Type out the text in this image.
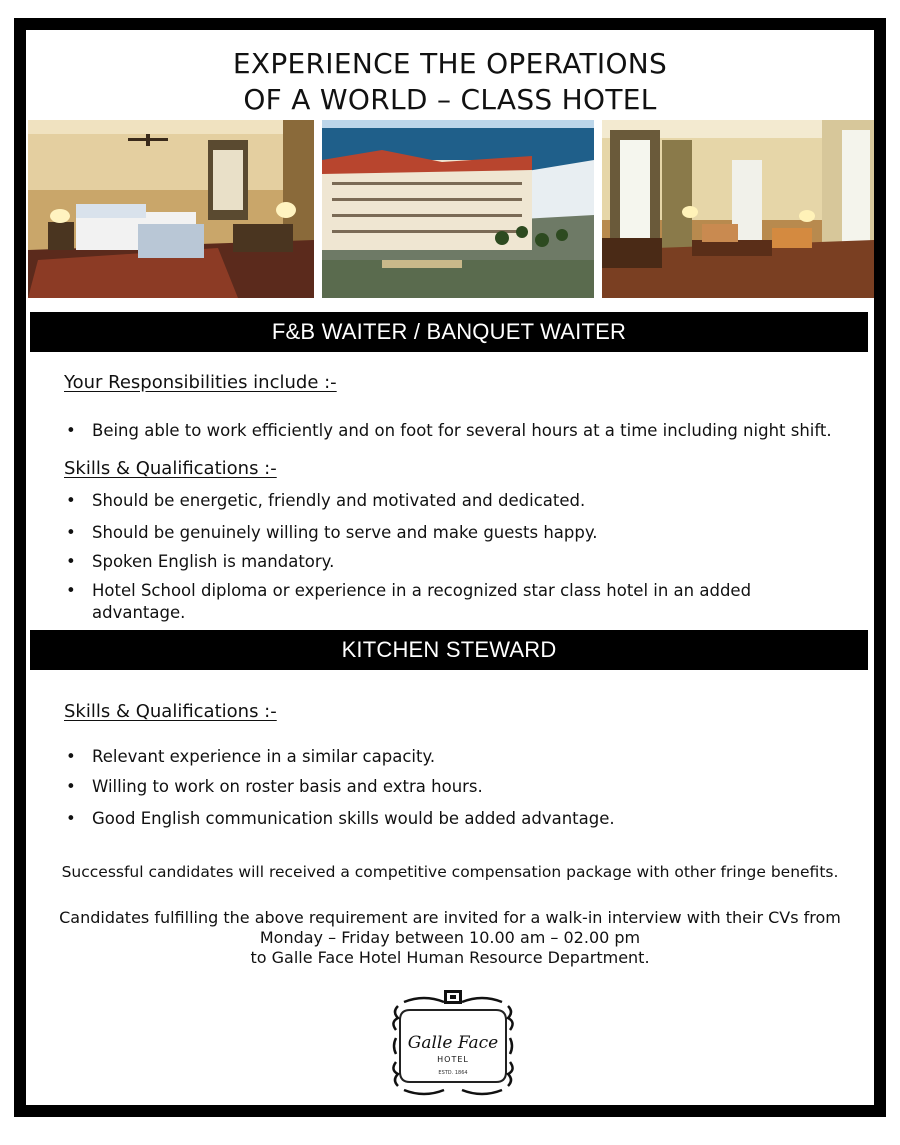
EXPERIENCE THE OPERATIONS
OF A WORLD – CLASS HOTEL
F&B WAITER / BANQUET WAITER
Your Responsibilities include :-
• Being able to work efficiently and on foot for several hours at a time including night shift.
Skills & Qualifications :-
• Should be energetic, friendly and motivated and dedicated.
• Should be genuinely willing to serve and make guests happy.
• Spoken English is mandatory.
• Hotel School diploma or experience in a recognized star class hotel in an added
advantage.
KITCHEN STEWARD
Skills & Qualifications :-
• Relevant experience in a similar capacity.
• Willing to work on roster basis and extra hours.
• Good English communication skills would be added advantage.
Successful candidates will received a competitive compensation package with other fringe benefits.
Candidates fulfilling the above requirement are invited for a walk-in interview with their CVs from
Monday – Friday between 10.00 am – 02.00 pm
to Galle Face Hotel Human Resource Department.
Galle Face
HOTEL
ESTD. 1864
